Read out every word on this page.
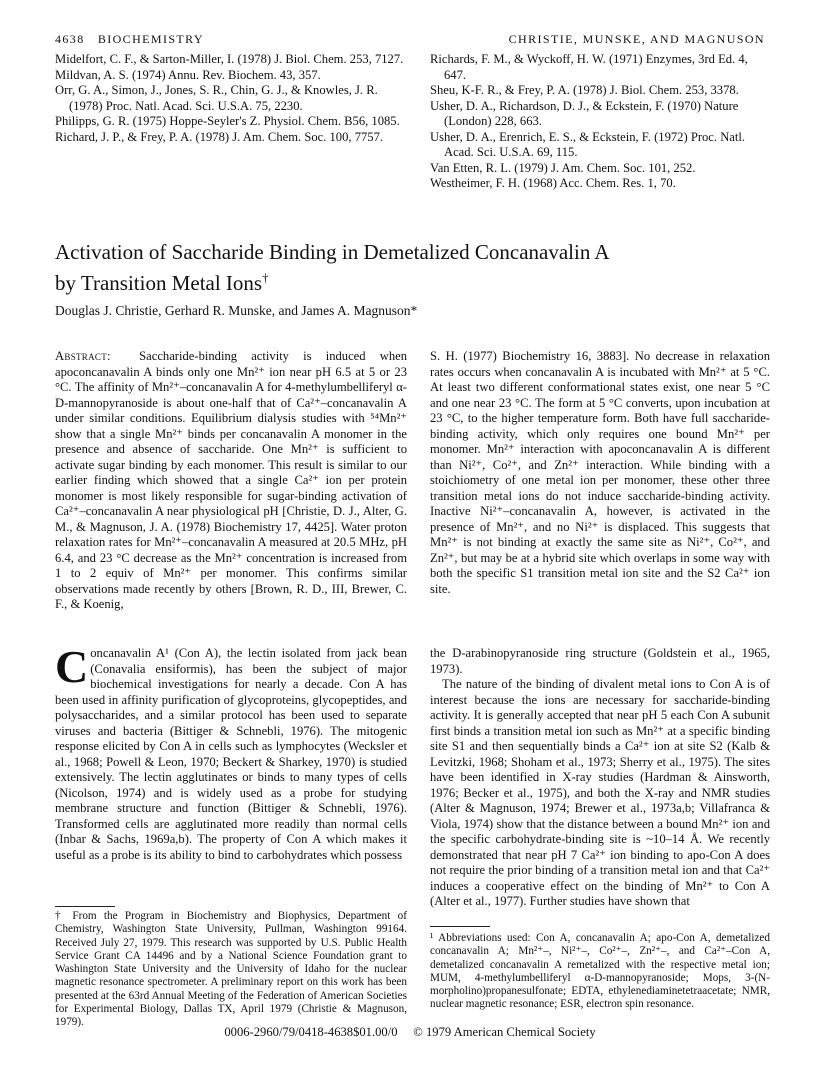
4638 BIOCHEMISTRY	CHRISTIE, MUNSKE, AND MAGNUSON

Midelfort, C. F., & Sarton-Miller, I. (1978) J. Biol. Chem. 253, 7127.

Mildvan, A. S. (1974) Annu. Rev. Biochem. 43, 357.

Orr, G. A., Simon, J., Jones, S. R., Chin, G. J., & Knowles, J. R. (1978) Proc. Natl. Acad. Sci. U.S.A. 75, 2230.

Philipps, G. R. (1975) Hoppe-Seyler's Z. Physiol. Chem. B56, 1085.

Richard, J. P., & Frey, P. A. (1978) J. Am. Chem. Soc. 100, 7757.

Richards, F. M., & Wyckoff, H. W. (1971) Enzymes, 3rd Ed. 4, 647.

Sheu, K-F. R., & Frey, P. A. (1978) J. Biol. Chem. 253, 3378.

Usher, D. A., Richardson, D. J., & Eckstein, F. (1970) Nature (London) 228, 663.

Usher, D. A., Erenrich, E. S., & Eckstein, F. (1972) Proc. Natl. Acad. Sci. U.S.A. 69, 115.

Van Etten, R. L. (1979) J. Am. Chem. Soc. 101, 252.

Westheimer, F. H. (1968) Acc. Chem. Res. 1, 70.

Activation of Saccharide Binding in Demetalized Concanavalin A
by Transition Metal Ions†
Douglas J. Christie, Gerhard R. Munske, and James A. Magnuson*

Abstract: Saccharide-binding activity is induced when apoconcanavalin A binds only one Mn²⁺ ion near pH 6.5 at 5 or 23 °C. The affinity of Mn²⁺–concanavalin A for 4-methylumbelliferyl α-D-mannopyranoside is about one-half that of Ca²⁺–concanavalin A under similar conditions. Equilibrium dialysis studies with ⁵⁴Mn²⁺ show that a single Mn²⁺ binds per concanavalin A monomer in the presence and absence of saccharide. One Mn²⁺ is sufficient to activate sugar binding by each monomer. This result is similar to our earlier finding which showed that a single Ca²⁺ ion per protein monomer is most likely responsible for sugar-binding activation of Ca²⁺–concanavalin A near physiological pH [Christie, D. J., Alter, G. M., & Magnuson, J. A. (1978) Biochemistry 17, 4425]. Water proton relaxation rates for Mn²⁺–concanavalin A measured at 20.5 MHz, pH 6.4, and 23 °C decrease as the Mn²⁺ concentration is increased from 1 to 2 equiv of Mn²⁺ per monomer. This confirms similar observations made recently by others [Brown, R. D., III, Brewer, C. F., & Koenig,

S. H. (1977) Biochemistry 16, 3883]. No decrease in relaxation rates occurs when concanavalin A is incubated with Mn²⁺ at 5 °C. At least two different conformational states exist, one near 5 °C and one near 23 °C. The form at 5 °C converts, upon incubation at 23 °C, to the higher temperature form. Both have full saccharide-binding activity, which only requires one bound Mn²⁺ per monomer. Mn²⁺ interaction with apoconcanavalin A is different than Ni²⁺, Co²⁺, and Zn²⁺ interaction. While binding with a stoichiometry of one metal ion per monomer, these other three transition metal ions do not induce saccharide-binding activity. Inactive Ni²⁺–concanavalin A, however, is activated in the presence of Mn²⁺, and no Ni²⁺ is displaced. This suggests that Mn²⁺ is not binding at exactly the same site as Ni²⁺, Co²⁺, and Zn²⁺, but may be at a hybrid site which overlaps in some way with both the specific S1 transition metal ion site and the S2 Ca²⁺ ion site.

Concanavalin A¹ (Con A), the lectin isolated from jack bean (Conavalia ensiformis), has been the subject of major biochemical investigations for nearly a decade. Con A has been used in affinity purification of glycoproteins, glycopeptides, and polysaccharides, and a similar protocol has been used to separate viruses and bacteria (Bittiger & Schnebli, 1976). The mitogenic response elicited by Con A in cells such as lymphocytes (Wecksler et al., 1968; Powell & Leon, 1970; Beckert & Sharkey, 1970) is studied extensively. The lectin agglutinates or binds to many types of cells (Nicolson, 1974) and is widely used as a probe for studying membrane structure and function (Bittiger & Schnebli, 1976). Transformed cells are agglutinated more readily than normal cells (Inbar & Sachs, 1969a,b). The property of Con A which makes it useful as a probe is its ability to bind to carbohydrates which possess

the D-arabinopyranoside ring structure (Goldstein et al., 1965, 1973).

The nature of the binding of divalent metal ions to Con A is of interest because the ions are necessary for saccharide-binding activity. It is generally accepted that near pH 5 each Con A subunit first binds a transition metal ion such as Mn²⁺ at a specific binding site S1 and then sequentially binds a Ca²⁺ ion at site S2 (Kalb & Levitzki, 1968; Shoham et al., 1973; Sherry et al., 1975). The sites have been identified in X-ray studies (Hardman & Ainsworth, 1976; Becker et al., 1975), and both the X-ray and NMR studies (Alter & Magnuson, 1974; Brewer et al., 1973a,b; Villafranca & Viola, 1974) show that the distance between a bound Mn²⁺ ion and the specific carbohydrate-binding site is ~10–14 Å. We recently demonstrated that near pH 7 Ca²⁺ ion binding to apo-Con A does not require the prior binding of a transition metal ion and that Ca²⁺ induces a cooperative effect on the binding of Mn²⁺ to Con A (Alter et al., 1977). Further studies have shown that

† From the Program in Biochemistry and Biophysics, Department of Chemistry, Washington State University, Pullman, Washington 99164. Received July 27, 1979. This research was supported by U.S. Public Health Service Grant CA 14496 and by a National Science Foundation grant to Washington State University and the University of Idaho for the nuclear magnetic resonance spectrometer. A preliminary report on this work has been presented at the 63rd Annual Meeting of the Federation of American Societies for Experimental Biology, Dallas TX, April 1979 (Christie & Magnuson, 1979).
¹ Abbreviations used: Con A, concanavalin A; apo-Con A, demetalized concanavalin A; Mn²⁺–, Ni²⁺–, Co²⁺–, Zn²⁺–, and Ca²⁺–Con A, demetalized concanavalin A remetalized with the respective metal ion; MUM, 4-methylumbelliferyl α-D-mannopyranoside; Mops, 3-(N-morpholino)propanesulfonate; EDTA, ethylenediaminetetraacetate; NMR, nuclear magnetic resonance; ESR, electron spin resonance.
0006-2960/79/0418-4638$01.00/0 © 1979 American Chemical Society
